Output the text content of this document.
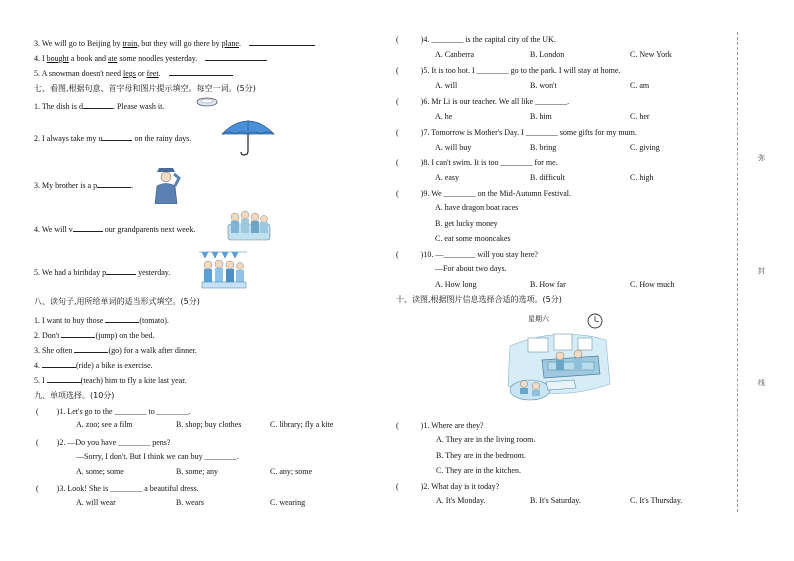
3. We will go to Beijing by train, but they will go there by plane.
4. I bought a book and ate some noodles yesterday.
5. A snowman doesn't need legs or feet.
七、看图,根据句意、首字母和图片提示填空。每空一词。(5分)
1. The dish is d	. Please wash it.
2. I always take my u	on the rainy days.
3. My brother is a p	.
4. We will v	our grandparents next week.
5. We had a birthday p	yesterday.
八、读句子,用所给单词的适当形式填空。(5分)
1. I want to buy those	(tomato).
2. Don't	(jump) on the bed.
3. She often	(go) for a walk after dinner.
4.	(ride) a bike is exercise.
5. I	(teach) him to fly a kite last year.
九、单项选择。(10分)
( )1. Let's go to the ________ to ________.
A. zoo; see a film	B. shop; buy clothes	C. library; fly a kite
( )2. —Do you have ________ pens?
—Sorry, I don't. But I think we can buy ________.
A. some; some	B. some; any	C. any; some
( )3. Look! She is ________ a beautiful dress.
A. will wear	B. wears	C. wearing
(	)4. ________ is the capital city of the UK.
A. Canberra	B. London	C. New York
(	)5. It is too hot. I ________ go to the park. I will stay at home.
A. will	B. won't	C. am
(	)6. Mr Li is our teacher. We all like ________.
A. he	B. him	C. her
(	)7. Tomorrow is Mother's Day. I ________ some gifts for my mum.
A. will buy	B. bring	C. giving
(	)8. I can't swim. It is too ________ for me.
A. easy	B. difficult	C. high
(	)9. We ________ on the Mid-Autumn Festival.
A. have dragon boat races
B. get lucky money
C. eat some mooncakes
(	)10. —________ will you stay here?
—For about two days.
A. How long	B. How far	C. How much
十、读图,根据图片信息选择合适的选项。(5分)
星期六
(	)1. Where are they?
A. They are in the living room.
B. They are in the bedroom.
C. They are in the kitchen.
(	)2. What day is it today?
A. It's Monday.	B. It's Saturday.	C. It's Thursday.
弥
封
线
